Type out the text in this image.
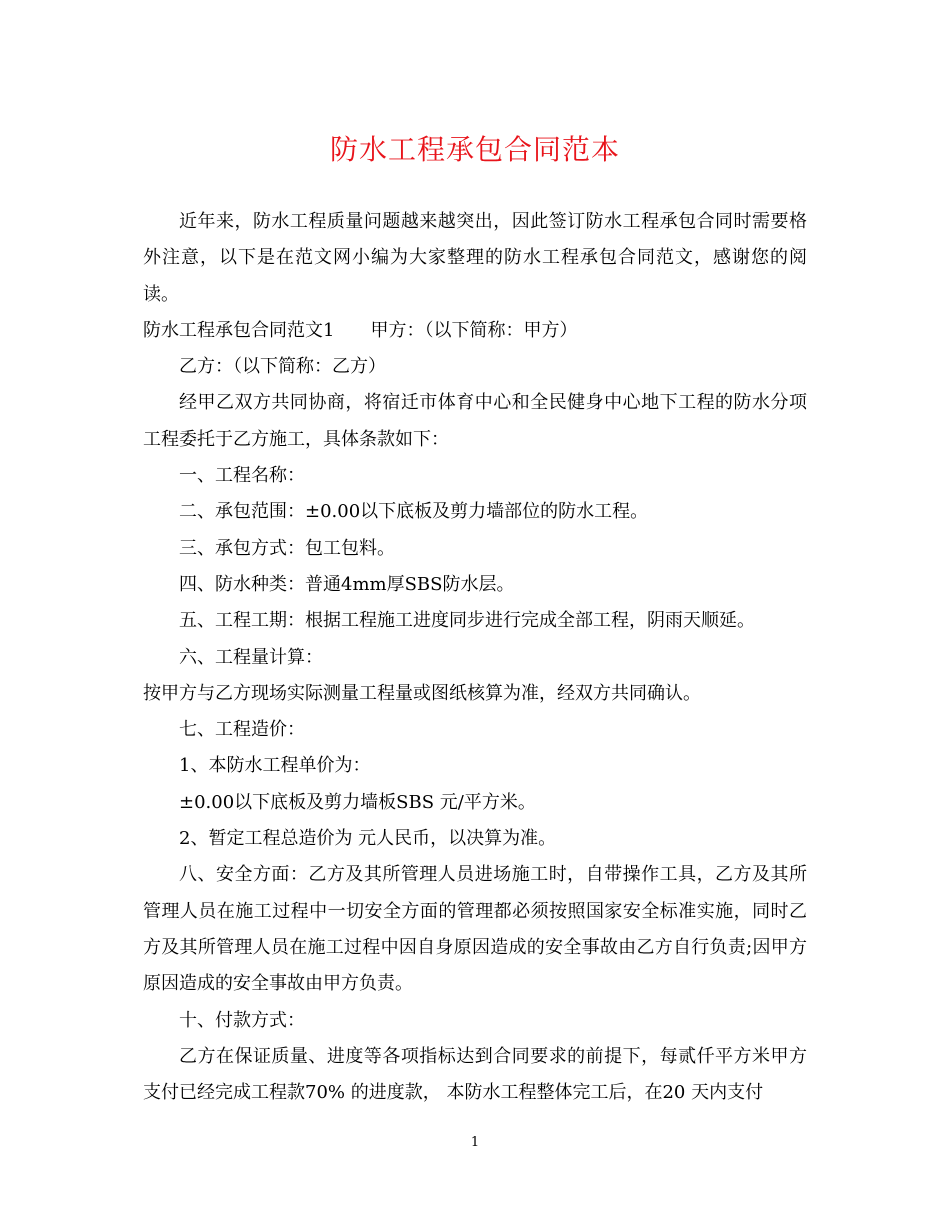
防水工程承包合同范本

近年来，防水工程质量问题越来越突出，因此签订防水工程承包合同时需要格外注意，以下是在范文网小编为大家整理的防水工程承包合同范文，感谢您的阅读。

防水工程承包合同范文1 甲方：（以下简称：甲方）

乙方：（以下简称：乙方）

经甲乙双方共同协商，将宿迁市体育中心和全民健身中心地下工程的防水分项工程委托于乙方施工，具体条款如下：

一、工程名称：

二、承包范围：±0.00以下底板及剪力墙部位的防水工程。

三、承包方式：包工包料。

四、防水种类：普通4mm厚SBS防水层。

五、工程工期：根据工程施工进度同步进行完成全部工程，阴雨天顺延。

六、工程量计算：

按甲方与乙方现场实际测量工程量或图纸核算为准，经双方共同确认。

七、工程造价：

1、本防水工程单价为：

±0.00以下底板及剪力墙板SBS 元/平方米。

2、暂定工程总造价为 元人民币，以决算为准。

八、安全方面：乙方及其所管理人员进场施工时，自带操作工具，乙方及其所管理人员在施工过程中一切安全方面的管理都必须按照国家安全标准实施，同时乙方及其所管理人员在施工过程中因自身原因造成的安全事故由乙方自行负责;因甲方原因造成的安全事故由甲方负责。

十、付款方式：

乙方在保证质量、进度等各项指标达到合同要求的前提下，每贰仟平方米甲方支付已经完成工程款70% 的进度款， 本防水工程整体完工后，在20 天内支付

1
